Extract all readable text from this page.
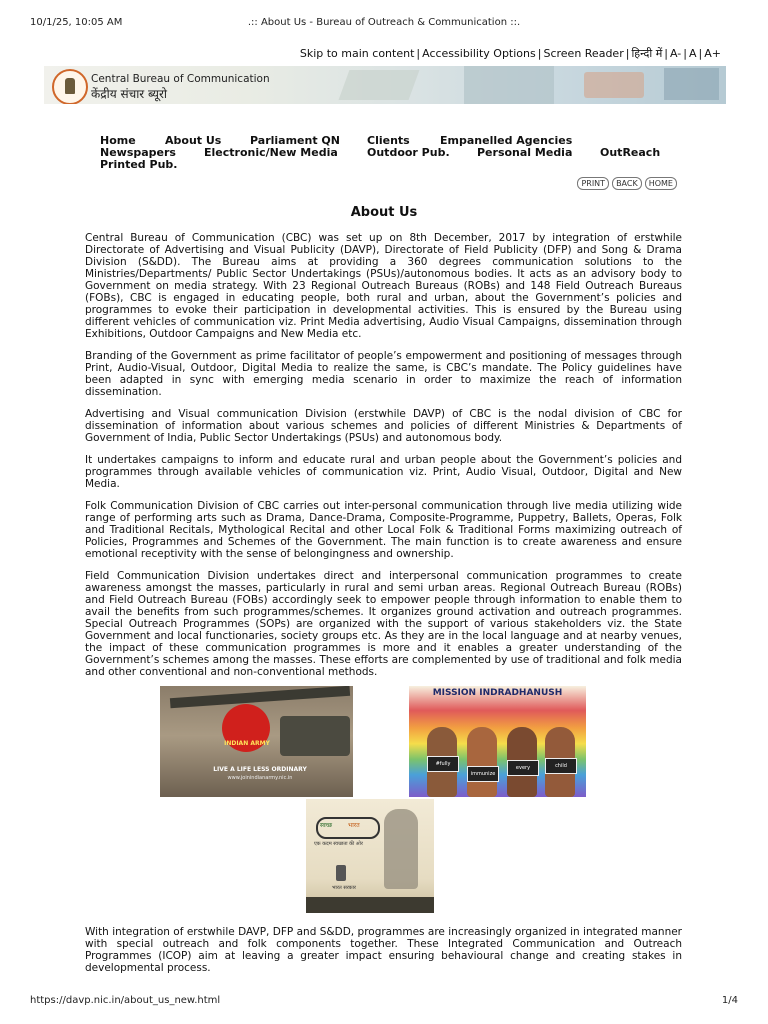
10/1/25, 10:05 AM	.:: About Us - Bureau of Outreach & Communication ::.
Skip to main content | Accessibility Options | Screen Reader | हिन्दी में | A- | A | A+
Central Bureau of Communication
केंद्रीय संचार ब्यूरो
Home	About Us	Parliament QN Clients	Empanelled Agencies
Newspapers	Electronic/New Media	Outdoor Pub. Personal Media	OutReach
Printed Pub.
PRINT	BACK	HOME
About Us

Central Bureau of Communication (CBC) was set up on 8th December, 2017 by integration of erstwhile Directorate of Advertising and Visual Publicity (DAVP), Directorate of Field Publicity (DFP) and Song & Drama Division (S&DD). The Bureau aims at providing a 360 degrees communication solutions to the Ministries/Departments/ Public Sector Undertakings (PSUs)/autonomous bodies. It acts as an advisory body to Government on media strategy. With 23 Regional Outreach Bureaus (ROBs) and 148 Field Outreach Bureaus (FOBs), CBC is engaged in educating people, both rural and urban, about the Government’s policies and programmes to evoke their participation in developmental activities. This is ensured by the Bureau using different vehicles of communication viz. Print Media advertising, Audio Visual Campaigns, dissemination through Exhibitions, Outdoor Campaigns and New Media etc.

Branding of the Government as prime facilitator of people’s empowerment and positioning of messages through Print, Audio-Visual, Outdoor, Digital Media to realize the same, is CBC’s mandate. The Policy guidelines have been adapted in sync with emerging media scenario in order to maximize the reach of information dissemination.

Advertising and Visual communication Division (erstwhile DAVP) of CBC is the nodal division of CBC for dissemination of information about various schemes and policies of different Ministries & Departments of Government of India, Public Sector Undertakings (PSUs) and autonomous body.

It undertakes campaigns to inform and educate rural and urban people about the Government’s policies and programmes through available vehicles of communication viz. Print, Audio Visual, Outdoor, Digital and New Media.

Folk Communication Division of CBC carries out inter-personal communication through live media utilizing wide range of performing arts such as Drama, Dance-Drama, Composite-Programme, Puppetry, Ballets, Operas, Folk and Traditional Recitals, Mythological Recital and other Local Folk & Traditional Forms maximizing outreach of Policies, Programmes and Schemes of the Government. The main function is to create awareness and ensure emotional receptivity with the sense of belongingness and ownership.

Field Communication Division undertakes direct and interpersonal communication programmes to create awareness amongst the masses, particularly in rural and semi urban areas. Regional Outreach Bureau (ROBs) and Field Outreach Bureau (FOBs) accordingly seek to empower people through information to enable them to avail the benefits from such programmes/schemes. It organizes ground activation and outreach programmes. Special Outreach Programmes (SOPs) are organized with the support of various stakeholders viz. the State Government and local functionaries, society groups etc. As they are in the local language and at nearby venues, the impact of these communication programmes is more and it enables a greater understanding of the Government’s schemes among the masses. These efforts are complemented by use of traditional and folk media and other conventional and non-conventional methods.

INDIAN ARMY
LIVE A LIFE LESS ORDINARY
www.joinindianarmy.nic.in
MISSION INDRADHANUSH
#fully
immunize
every	child
स्वच्छ	भारत
एक कदम स्वच्छता की ओर
भारत सरकार

With integration of erstwhile DAVP, DFP and S&DD, programmes are increasingly organized in integrated manner with special outreach and folk components together. These Integrated Communication and Outreach Programmes (ICOP) aim at leaving a greater impact ensuring behavioural change and creating stakes in developmental process.

https://davp.nic.in/about_us_new.html	1/4
